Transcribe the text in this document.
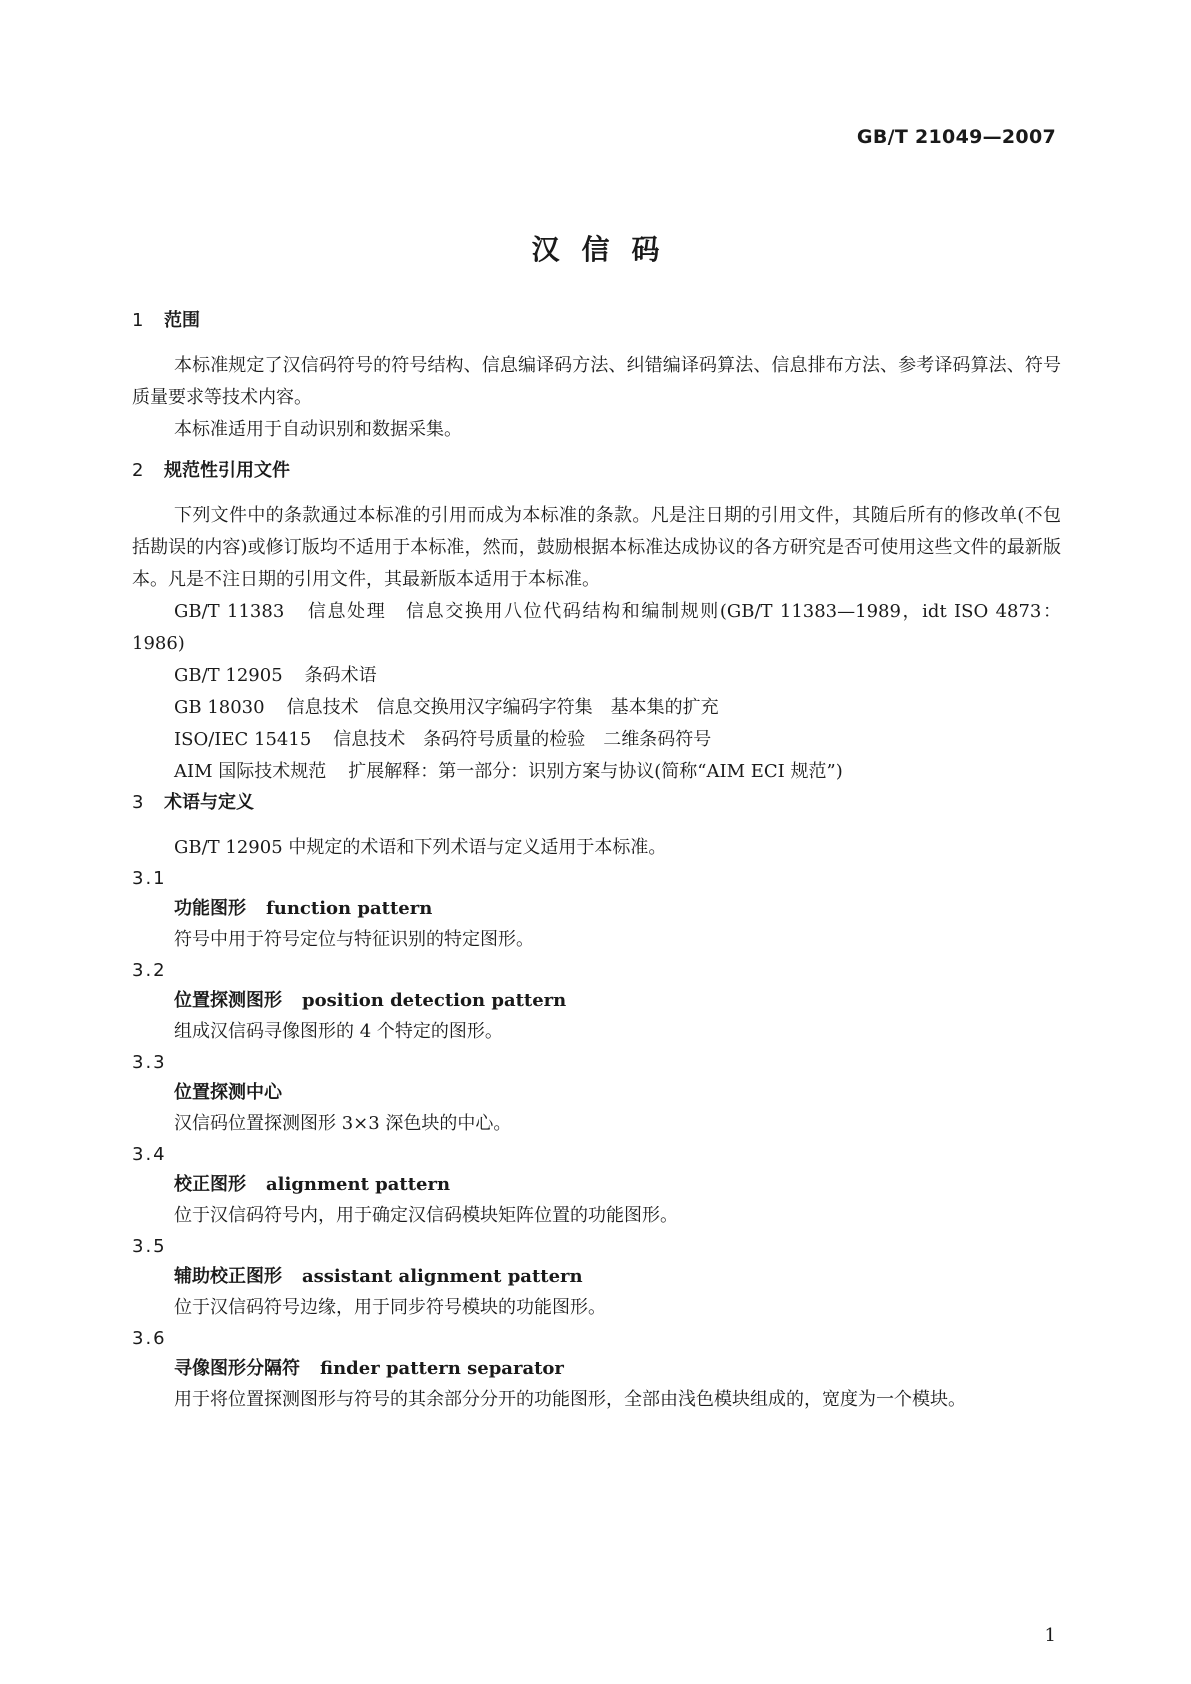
GB/T 21049—2007
汉信码
1 范围

本标准规定了汉信码符号的符号结构、信息编译码方法、纠错编译码算法、信息排布方法、参考译码算法、符号质量要求等技术内容。

本标准适用于自动识别和数据采集。

2 规范性引用文件

下列文件中的条款通过本标准的引用而成为本标准的条款。凡是注日期的引用文件，其随后所有的修改单(不包括勘误的内容)或修订版均不适用于本标准，然而，鼓励根据本标准达成协议的各方研究是否可使用这些文件的最新版本。凡是不注日期的引用文件，其最新版本适用于本标准。

GB/T 11383 信息处理　信息交换用八位代码结构和编制规则(GB/T 11383—1989，idt ISO 4873：1986)

GB/T 12905 条码术语

GB 18030 信息技术　信息交换用汉字编码字符集　基本集的扩充

ISO/IEC 15415 信息技术　条码符号质量的检验　二维条码符号

AIM 国际技术规范 扩展解释：第一部分：识别方案与协议(简称“AIM ECI 规范”)

3 术语与定义

GB/T 12905 中规定的术语和下列术语与定义适用于本标准。

3.1
功能图形 function pattern

符号中用于符号定位与特征识别的特定图形。

3.2
位置探测图形 position detection pattern

组成汉信码寻像图形的 4 个特定的图形。

3.3
位置探测中心

汉信码位置探测图形 3×3 深色块的中心。

3.4
校正图形 alignment pattern

位于汉信码符号内，用于确定汉信码模块矩阵位置的功能图形。

3.5
辅助校正图形 assistant alignment pattern

位于汉信码符号边缘，用于同步符号模块的功能图形。

3.6
寻像图形分隔符 finder pattern separator

用于将位置探测图形与符号的其余部分分开的功能图形，全部由浅色模块组成的，宽度为一个模块。

1
